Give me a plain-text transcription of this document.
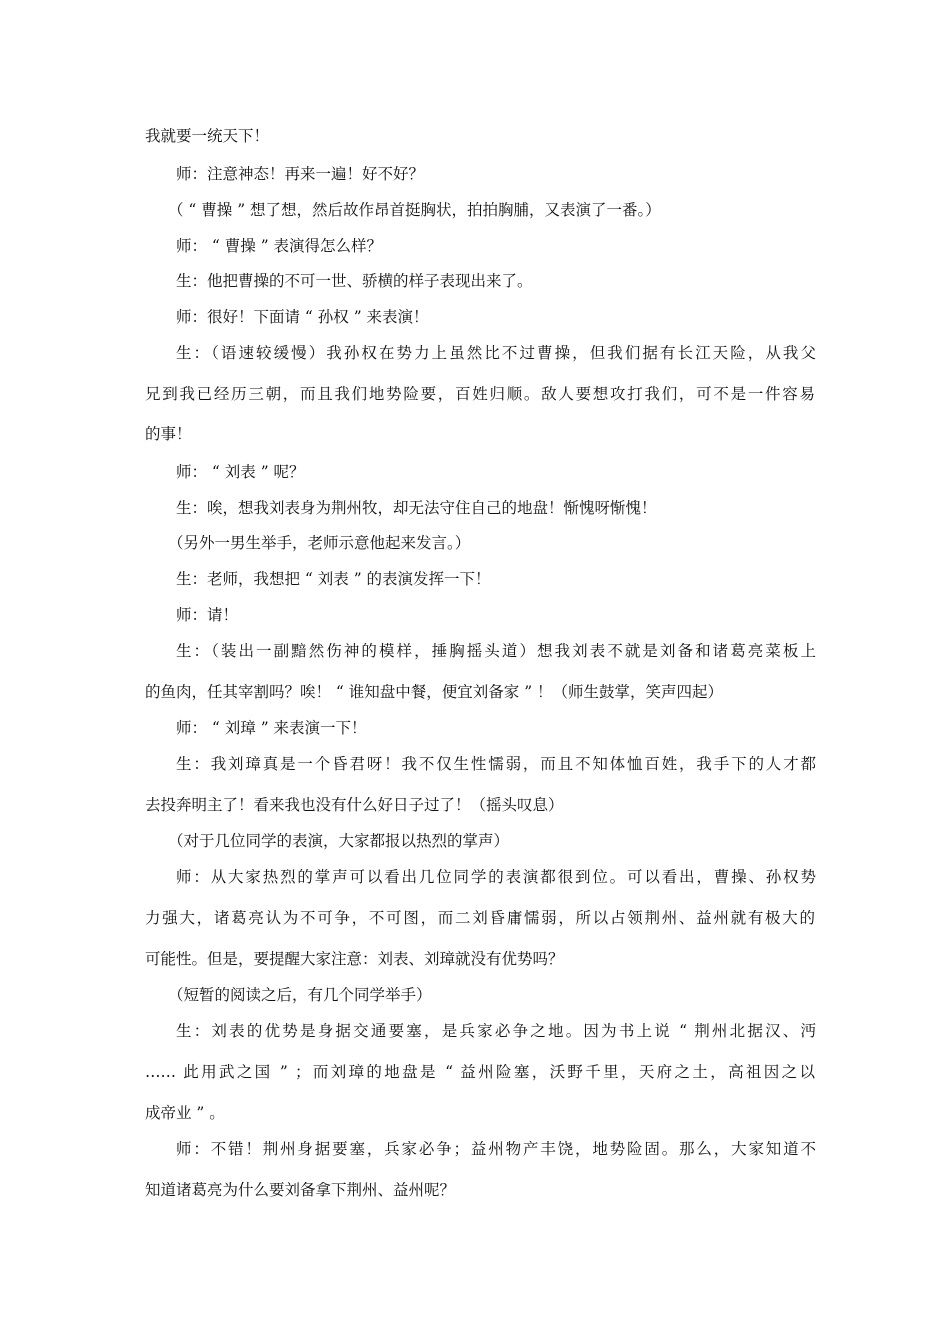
我就要一统天下！
师：注意神态！再来一遍！好不好？
（ “ 曹操 ” 想了想，然后故作昂首挺胸状，拍拍胸脯，又表演了一番。）
师： “ 曹操 ” 表演得怎么样？
生：他把曹操的不可一世、骄横的样子表现出来了。
师：很好！下面请 “ 孙权 ” 来表演！
生：（语速较缓慢）我孙权在势力上虽然比不过曹操，但我们据有长江天险，从我父
兄到我已经历三朝，而且我们地势险要，百姓归顺。敌人要想攻打我们，可不是一件容易
的事！
师： “ 刘表 ” 呢？
生：唉，想我刘表身为荆州牧，却无法守住自己的地盘！惭愧呀惭愧！
（另外一男生举手，老师示意他起来发言。）
生：老师，我想把 “ 刘表 ” 的表演发挥一下！
师：请！
生：（装出一副黯然伤神的模样，捶胸摇头道）想我刘表不就是刘备和诸葛亮菜板上
的鱼肉，任其宰割吗？唉！ “ 谁知盘中餐，便宜刘备家 ” ！（师生鼓掌，笑声四起）
师： “ 刘璋 ” 来表演一下！
生：我刘璋真是一个昏君呀！我不仅生性懦弱，而且不知体恤百姓，我手下的人才都
去投奔明主了！看来我也没有什么好日子过了！（摇头叹息）
（对于几位同学的表演，大家都报以热烈的掌声）
师：从大家热烈的掌声可以看出几位同学的表演都很到位。可以看出，曹操、孙权势
力强大，诸葛亮认为不可争，不可图，而二刘昏庸懦弱，所以占领荆州、益州就有极大的
可能性。但是，要提醒大家注意：刘表、刘璋就没有优势吗？
（短暂的阅读之后，有几个同学举手）
生：刘表的优势是身据交通要塞，是兵家必争之地。因为书上说 “ 荆州北据汉、沔
…… 此用武之国 ” ；而刘璋的地盘是 “ 益州险塞，沃野千里，天府之土，高祖因之以
成帝业 ” 。
师：不错！荆州身据要塞，兵家必争；益州物产丰饶，地势险固。那么，大家知道不
知道诸葛亮为什么要刘备拿下荆州、益州呢？
